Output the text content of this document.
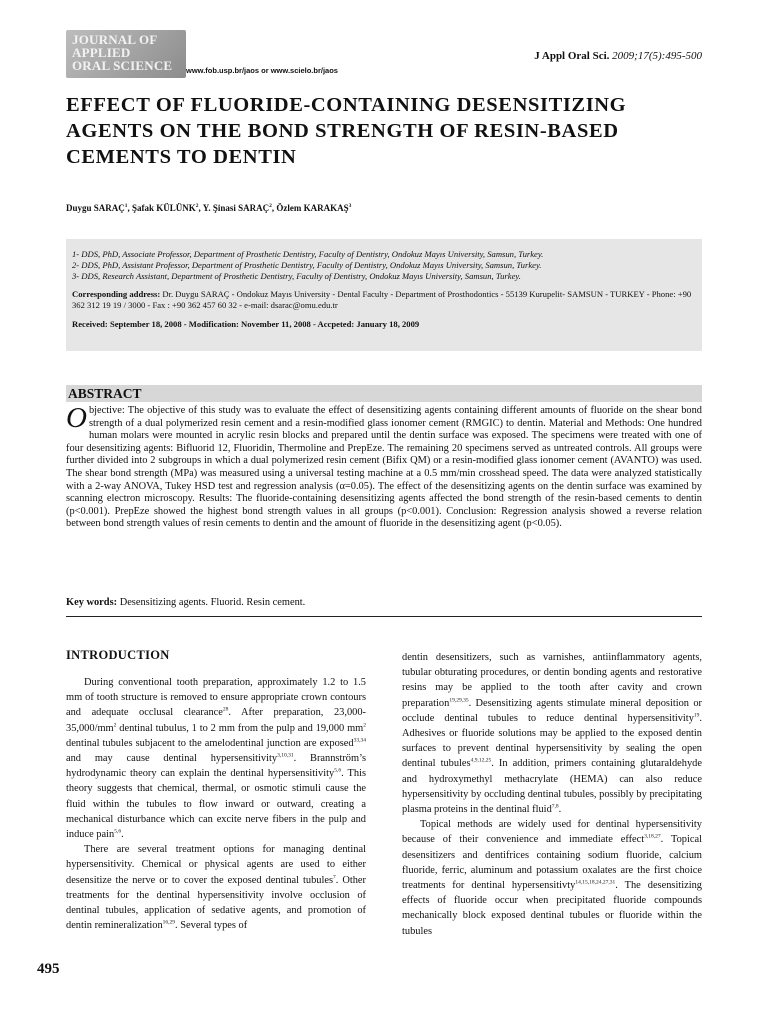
JOURNAL OF
APPLIED
ORAL SCIENCE	www.fob.usp.br/jaos or www.scielo.br/jaos
J Appl Oral Sci. 2009;17(5):495-500
EFFECT OF FLUORIDE-CONTAINING DESENSITIZING AGENTS ON THE BOND STRENGTH OF RESIN-BASED CEMENTS TO DENTIN
Duygu SARAÇ$^1$, Şafak KÜLÜNK$^2$, Y. Şinasi SARAÇ$^2$, Özlem KARAKAŞ$^3$
1- DDS, PhD, Associate Professor, Department of Prosthetic Dentistry, Faculty of Dentistry, Ondokuz Mayıs University, Samsun, Turkey.
2- DDS, PhD, Assistant Professor, Department of Prosthetic Dentistry, Faculty of Dentistry, Ondokuz Mayıs University, Samsun, Turkey.
3- DDS, Research Assistant, Department of Prosthetic Dentistry, Faculty of Dentistry, Ondokuz Mayıs University, Samsun, Turkey.
Corresponding address: Dr. Duygu SARAÇ - Ondokuz Mayıs University - Dental Faculty - Department of Prosthodontics - 55139 Kurupelit- SAMSUN - TURKEY - Phone: +90 362 312 19 19 / 3000 - Fax : +90 362 457 60 32 - e-mail: dsarac@omu.edu.tr
Received: September 18, 2008 - Modification: November 11, 2008 - Accpeted: January 18, 2009
ABSTRACT
Objective: The objective of this study was to evaluate the effect of desensitizing agents containing different amounts of fluoride on the shear bond strength of a dual polymerized resin cement and a resin-modified glass ionomer cement (RMGIC) to dentin. Material and Methods: One hundred human molars were mounted in acrylic resin blocks and prepared until the dentin surface was exposed. The specimens were treated with one of four desensitizing agents: Bifluorid 12, Fluoridin, Thermoline and PrepEze. The remaining 20 specimens served as untreated controls. All groups were further divided into 2 subgroups in which a dual polymerized resin cement (Bifix QM) or a resin-modified glass ionomer cement (AVANTO) was used. The shear bond strength (MPa) was measured using a universal testing machine at a 0.5 mm/min crosshead speed. The data were analyzed statistically with a 2-way ANOVA, Tukey HSD test and regression analysis (α=0.05). The effect of the desensitizing agents on the dentin surface was examined by scanning electron microscopy. Results: The fluoride-containing desensitizing agents affected the bond strength of the resin-based cements to dentin (p<0.001). PrepEze showed the highest bond strength values in all groups (p<0.001). Conclusion: Regression analysis showed a reverse relation between bond strength values of resin cements to dentin and the amount of fluoride in the desensitizing agent (p<0.05).
Key words: Desensitizing agents. Fluorid. Resin cement.
INTRODUCTION

During conventional tooth preparation, approximately 1.2 to 1.5 mm of tooth structure is removed to ensure appropriate crown contours and adequate occlusal clearance$^{28}$. After preparation, $23,000-35,000/mm^2$ dentinal tubulus, 1 to 2 mm from the pulp and 19,000 $mm^2$ dentinal tubules subjacent to the amelodentinal junction are exposed$^{33,34}$ and may cause dentinal hypersensitivity$^{3,10,31}$. Brannström’s hydrodynamic theory can explain the dentinal hypersensitivity$^{5,6}$. This theory suggests that chemical, thermal, or osmotic stimuli cause the fluid within the tubules to flow inward or outward, creating a mechanical disturbance which can excite nerve fibers in the pulp and induce pain$^{5,6}$.

There are several treatment options for managing dentinal hypersensitivity. Chemical or physical agents are used to either desensitize the nerve or to cover the exposed dentinal tubules$^7$. Other treatments for the dentinal hypersensitivity involve occlusion of dentinal tubules, application of sedative agents, and promotion of dentin remineralization$^{16,29}$. Several types of

dentin desensitizers, such as varnishes, antiinflammatory agents, tubular obturating procedures, or dentin bonding agents and restorative resins may be applied to the tooth after cavity and crown preparation$^{19,29,35}$. Desensitizing agents stimulate mineral deposition or occlude dentinal tubules to reduce dentinal hypersensitivity$^{19}$. Adhesives or fluoride solutions may be applied to the exposed dentin surfaces to prevent dentinal hypersensitivity by sealing the open dentinal tubules$^{4,9,12,25}$. In addition, primers containing glutaraldehyde and hydroxymethyl methacrylate (HEMA) can also reduce hypersensitivity by occluding dentinal tubules, possibly by precipitating plasma proteins in the dentinal fluid$^{7,8}$.

Topical methods are widely used for dentinal hypersensitivity because of their convenience and immediate effect$^{3,18,27}$. Topical desensitizers and dentifrices containing sodium fluoride, calcium fluoride, ferric, aluminum and potassium oxalates are the first choice treatments for dentinal hypersensitivty$^{14,15,18,24,27,31}$. The desensitizing effects of fluoride occur when precipitated fluoride compounds mechanically block exposed dentinal tubules or fluoride within the tubules

495
